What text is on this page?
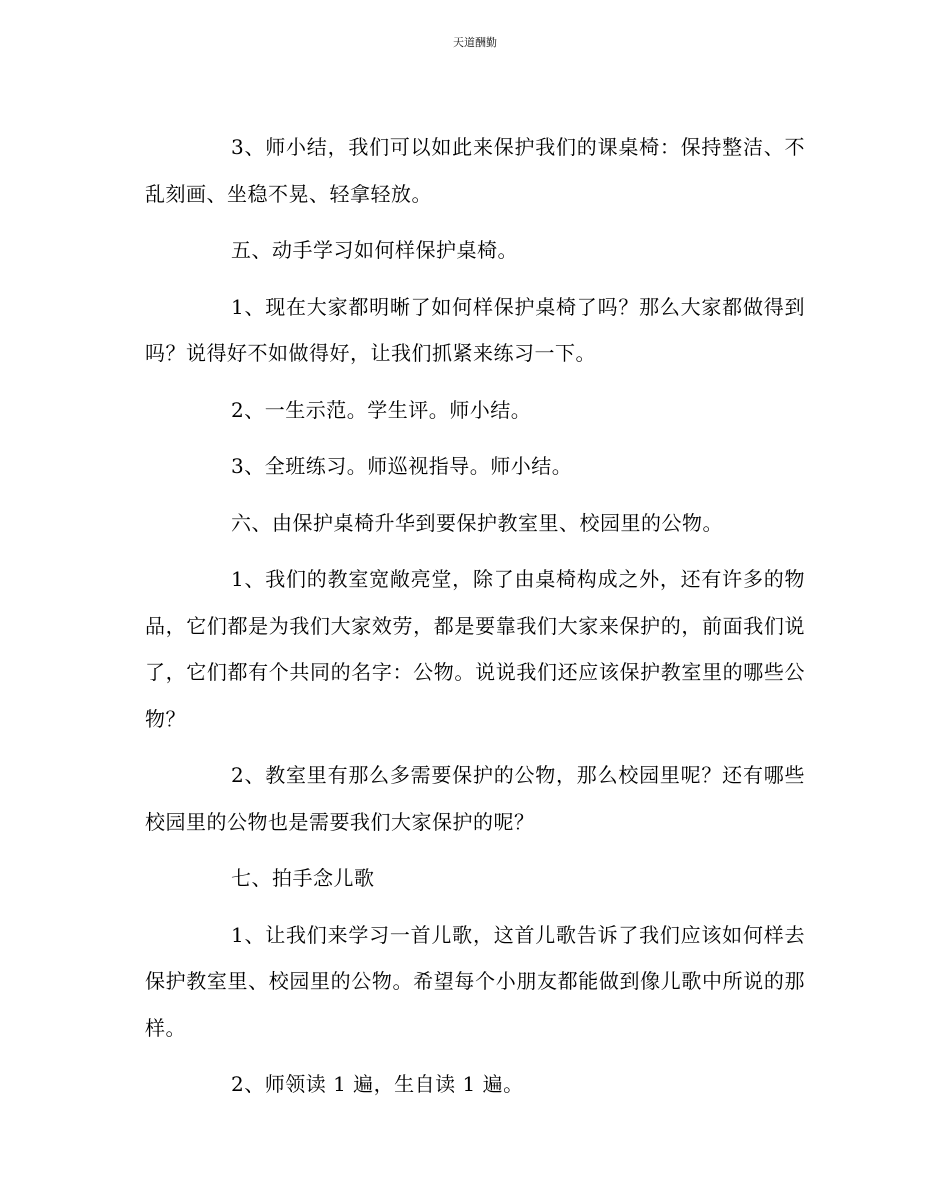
天道酬勤

3、师小结，我们可以如此来保护我们的课桌椅：保持整洁、不乱刻画、坐稳不晃、轻拿轻放。

五、动手学习如何样保护桌椅。

1、现在大家都明晰了如何样保护桌椅了吗？那么大家都做得到吗？说得好不如做得好，让我们抓紧来练习一下。

2、一生示范。学生评。师小结。

3、全班练习。师巡视指导。师小结。

六、由保护桌椅升华到要保护教室里、校园里的公物。

1、我们的教室宽敞亮堂，除了由桌椅构成之外，还有许多的物品，它们都是为我们大家效劳，都是要靠我们大家来保护的，前面我们说了，它们都有个共同的名字：公物。说说我们还应该保护教室里的哪些公物？

2、教室里有那么多需要保护的公物，那么校园里呢？还有哪些校园里的公物也是需要我们大家保护的呢？

七、拍手念儿歌

1、让我们来学习一首儿歌，这首儿歌告诉了我们应该如何样去保护教室里、校园里的公物。希望每个小朋友都能做到像儿歌中所说的那样。

2、师领读 1 遍，生自读 1 遍。
